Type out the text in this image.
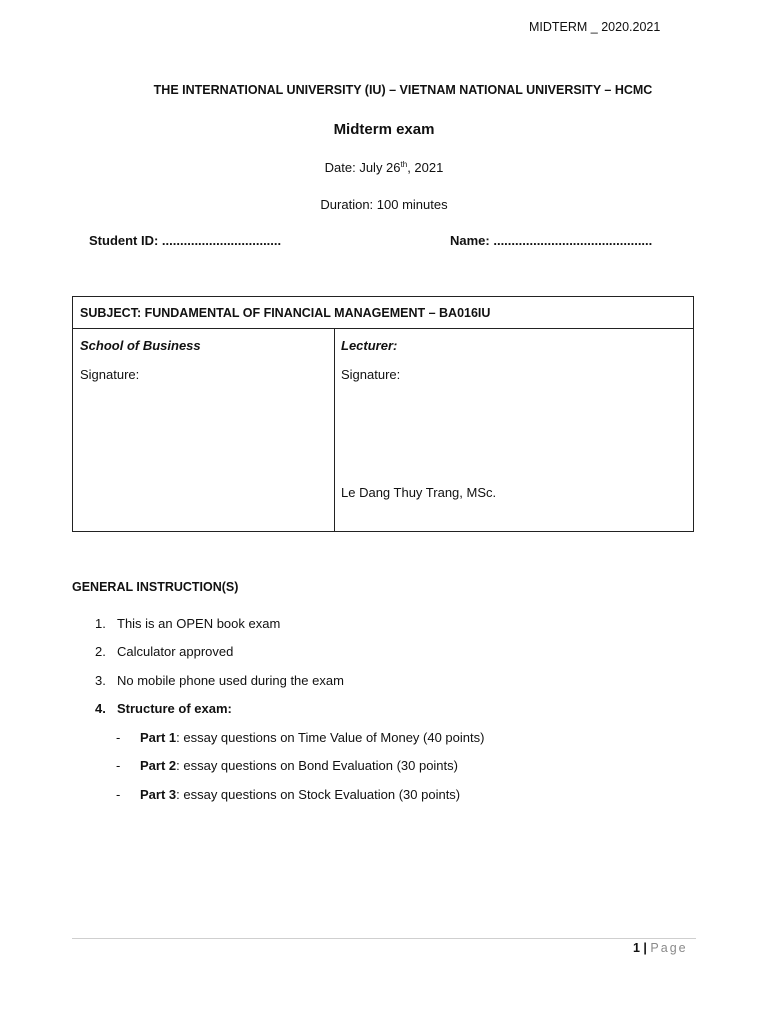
MIDTERM _ 2020.2021
THE INTERNATIONAL UNIVERSITY (IU) – VIETNAM NATIONAL UNIVERSITY – HCMC
Midterm exam
Date: July 26th, 2021
Duration: 100 minutes
Student ID: .................................	Name: ............................................
SUBJECT: FUNDAMENTAL OF FINANCIAL MANAGEMENT – BA016IU
School of Business
Signature:
Lecturer:
Signature:
Le Dang Thuy Trang, MSc.
GENERAL INSTRUCTION(S)
1. This is an OPEN book exam
2. Calculator approved
3. No mobile phone used during the exam
4. Structure of exam:
- Part 1: essay questions on Time Value of Money (40 points)
- Part 2: essay questions on Bond Evaluation (30 points)
- Part 3: essay questions on Stock Evaluation (30 points)
1 | Page
